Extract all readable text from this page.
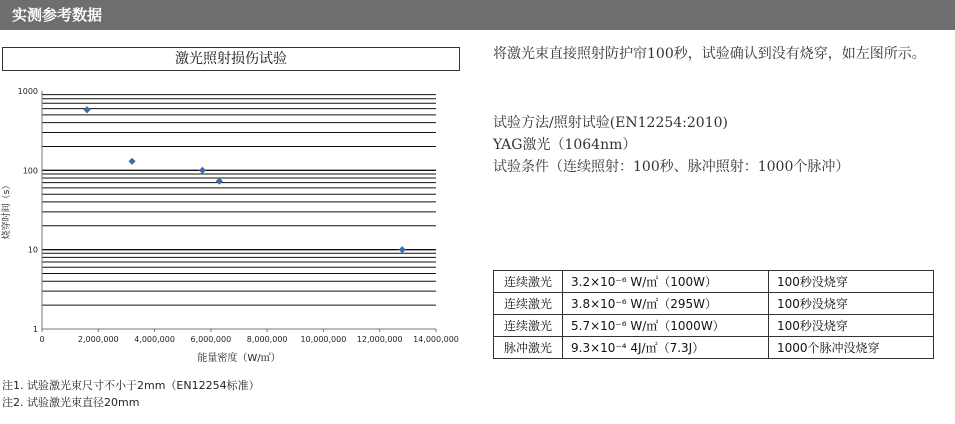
实测参考数据
激光照射损伤试验
1000
100
10
1
0	2,000,000 4,000,000 6,000,000 8,000,000 10,000,000 12,000,000 14,000,000
能量密度（W/㎡）
烧穿时间（s）
将激光束直接照射防护帘100秒，试验确认到没有烧穿，如左图所示。
试验方法/照射试验(EN12254:2010)
YAG激光（1064nm）
试验条件（连续照射：100秒、脉冲照射：1000个脉冲）
连续激光	3.2×10⁻⁶ W/㎡（100W）	100秒没烧穿
连续激光	3.8×10⁻⁶ W/㎡（295W）	100秒没烧穿
连续激光	5.7×10⁻⁶ W/㎡（1000W）	100秒没烧穿
脉冲激光	9.3×10⁻⁴ 4J/㎡（7.3J）	1000个脉冲没烧穿
注1. 试验激光束尺寸不小于2mm（EN12254标准）
注2. 试验激光束直径20mm
